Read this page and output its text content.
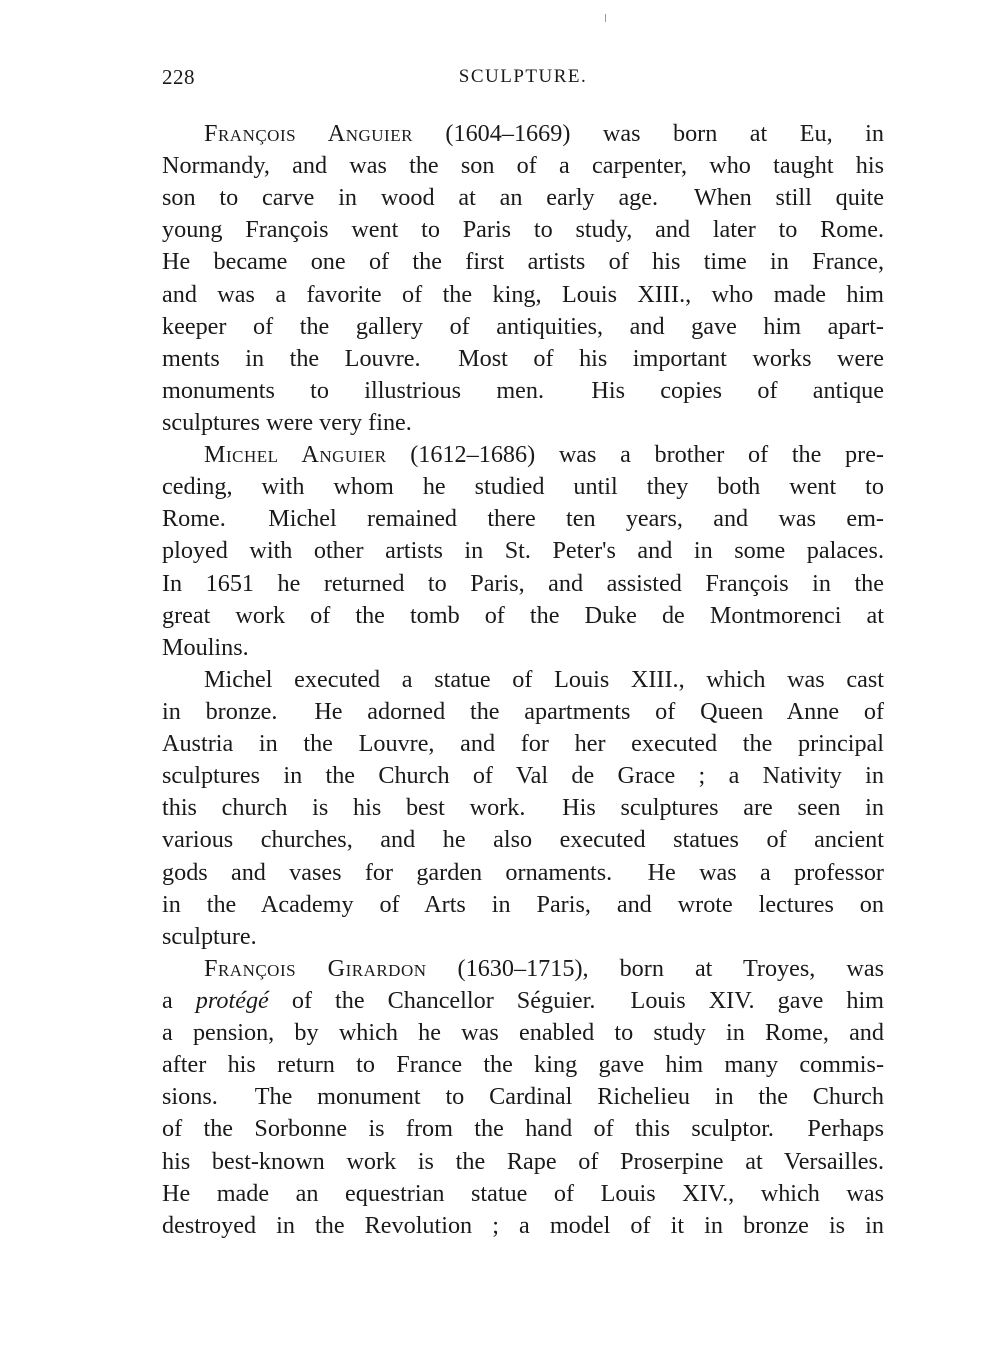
228	SCULPTURE.
François Anguier (1604–1669) was born at Eu, in
Normandy, and was the son of a carpenter, who taught his
son to carve in wood at an early age.  When still quite
young François went to Paris to study, and later to Rome.
He became one of the first artists of his time in France,
and was a favorite of the king, Louis XIII., who made him
keeper of the gallery of antiquities, and gave him apart-
ments in the Louvre.  Most of his important works were
monuments to illustrious men.  His copies of antique
sculptures were very fine.
Michel Anguier (1612–1686) was a brother of the pre-
ceding, with whom he studied until they both went to
Rome.  Michel remained there ten years, and was em-
ployed with other artists in St. Peter's and in some palaces.
In 1651 he returned to Paris, and assisted François in the
great work of the tomb of the Duke de Montmorenci at
Moulins.
Michel executed a statue of Louis XIII., which was cast
in bronze.  He adorned the apartments of Queen Anne of
Austria in the Louvre, and for her executed the principal
sculptures in the Church of Val de Grace ; a Nativity in
this church is his best work.  His sculptures are seen in
various churches, and he also executed statues of ancient
gods and vases for garden ornaments.  He was a professor
in the Academy of Arts in Paris, and wrote lectures on
sculpture.
François Girardon (1630–1715), born at Troyes, was
a protégé of the Chancellor Séguier.  Louis XIV. gave him
a pension, by which he was enabled to study in Rome, and
after his return to France the king gave him many commis-
sions.  The monument to Cardinal Richelieu in the Church
of the Sorbonne is from the hand of this sculptor.  Perhaps
his best-known work is the Rape of Proserpine at Versailles.
He made an equestrian statue of Louis XIV., which was
destroyed in the Revolution ; a model of it in bronze is in
